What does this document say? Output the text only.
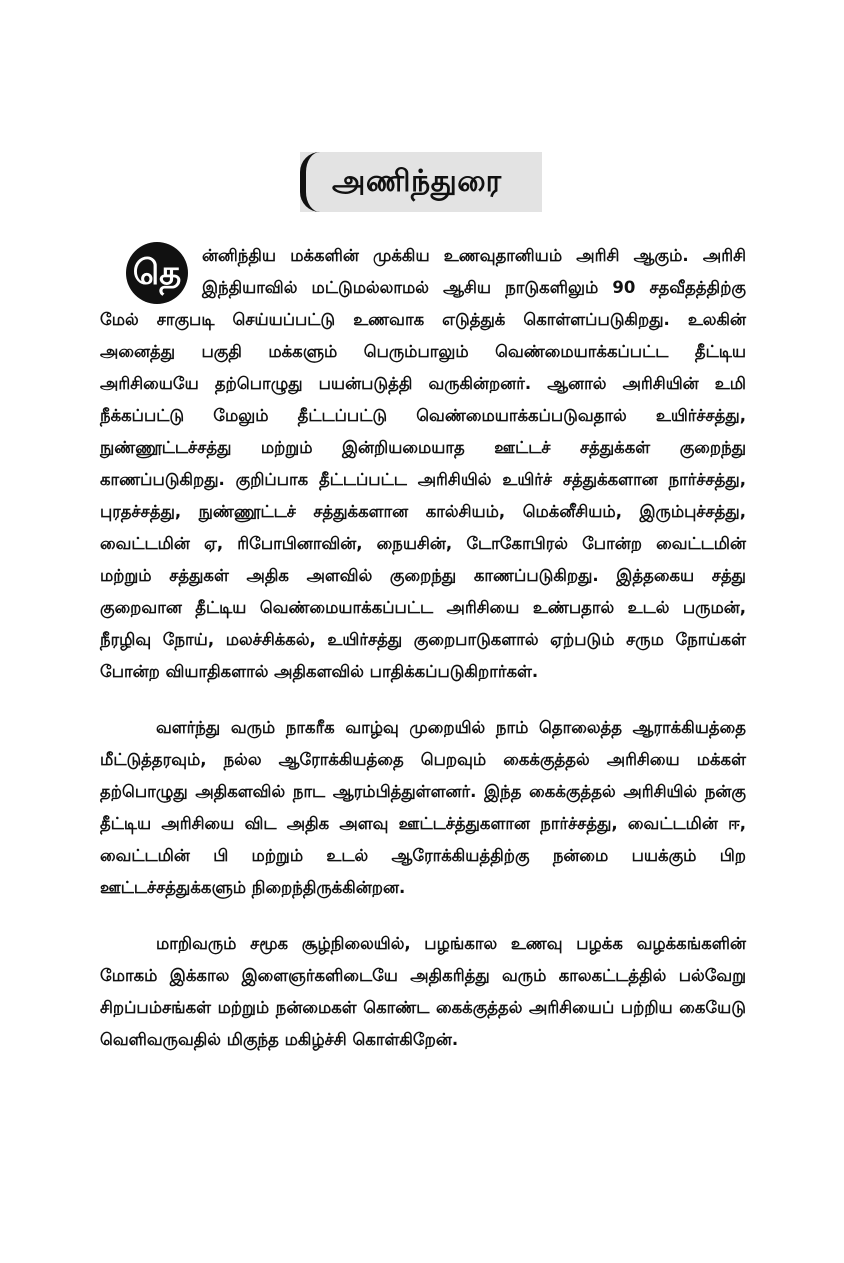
அணிந்துரை

தெ	ன்னிந்திய மக்களின் முக்கிய உணவுதானியம் அரிசி ஆகும். அரிசி இந்தியாவில் மட்டுமல்லாமல் ஆசிய நாடுகளிலும் 90 சதவீதத்திற்கு மேல் சாகுபடி செய்யப்பட்டு உணவாக எடுத்துக் கொள்ளப்படுகிறது. உலகின் அனைத்து பகுதி மக்களும் பெரும்பாலும் வெண்மையாக்கப்பட்ட தீட்டிய அரிசியையே தற்பொழுது பயன்படுத்தி வருகின்றனர். ஆனால் அரிசியின் உமி நீக்கப்பட்டு மேலும் தீட்டப்பட்டு வெண்மையாக்கப்படுவதால் உயிர்ச்சத்து, நுண்ணூட்டச்சத்து மற்றும் இன்றியமையாத ஊட்டச் சத்துக்கள் குறைந்து காணப்படுகிறது. குறிப்பாக தீட்டப்பட்ட அரிசியில் உயிர்ச் சத்துக்களான நார்ச்சத்து, புரதச்சத்து, நுண்ணூட்டச் சத்துக்களான கால்சியம், மெக்னீசியம், இரும்புச்சத்து, வைட்டமின் ஏ, ரிபோபினாவின், நையசின், டோகோபிரல் போன்ற வைட்டமின் மற்றும் சத்துகள் அதிக அளவில் குறைந்து காணப்படுகிறது. இத்தகைய சத்து குறைவான தீட்டிய வெண்மையாக்கப்பட்ட அரிசியை உண்பதால் உடல் பருமன், நீரழிவு நோய், மலச்சிக்கல், உயிர்சத்து குறைபாடுகளால் ஏற்படும் சரும நோய்கள் போன்ற வியாதிகளால் அதிகளவில் பாதிக்கப்படுகிறார்கள்.

வளர்ந்து வரும் நாகரீக வாழ்வு முறையில் நாம் தொலைத்த ஆராக்கியத்தை மீட்டுத்தரவும், நல்ல ஆரோக்கியத்தை பெறவும் கைக்குத்தல் அரிசியை மக்கள் தற்பொழுது அதிகளவில் நாட ஆரம்பித்துள்ளனர். இந்த கைக்குத்தல் அரிசியில் நன்கு தீட்டிய அரிசியை விட அதிக அளவு ஊட்டச்த்துகளான நார்ச்சத்து, வைட்டமின் ஈ, வைட்டமின் பி மற்றும் உடல் ஆரோக்கியத்திற்கு நன்மை பயக்கும் பிற ஊட்டச்சத்துக்களும் நிறைந்திருக்கின்றன.

மாறிவரும் சமூக சூழ்நிலையில், பழங்கால உணவு பழக்க வழக்கங்களின் மோகம் இக்கால இளைஞர்களிடையே அதிகரித்து வரும் காலகட்டத்தில் பல்வேறு சிறப்பம்சங்கள் மற்றும் நன்மைகள் கொண்ட கைக்குத்தல் அரிசியைப் பற்றிய கையேடு வெளிவருவதில் மிகுந்த மகிழ்ச்சி கொள்கிறேன்.
